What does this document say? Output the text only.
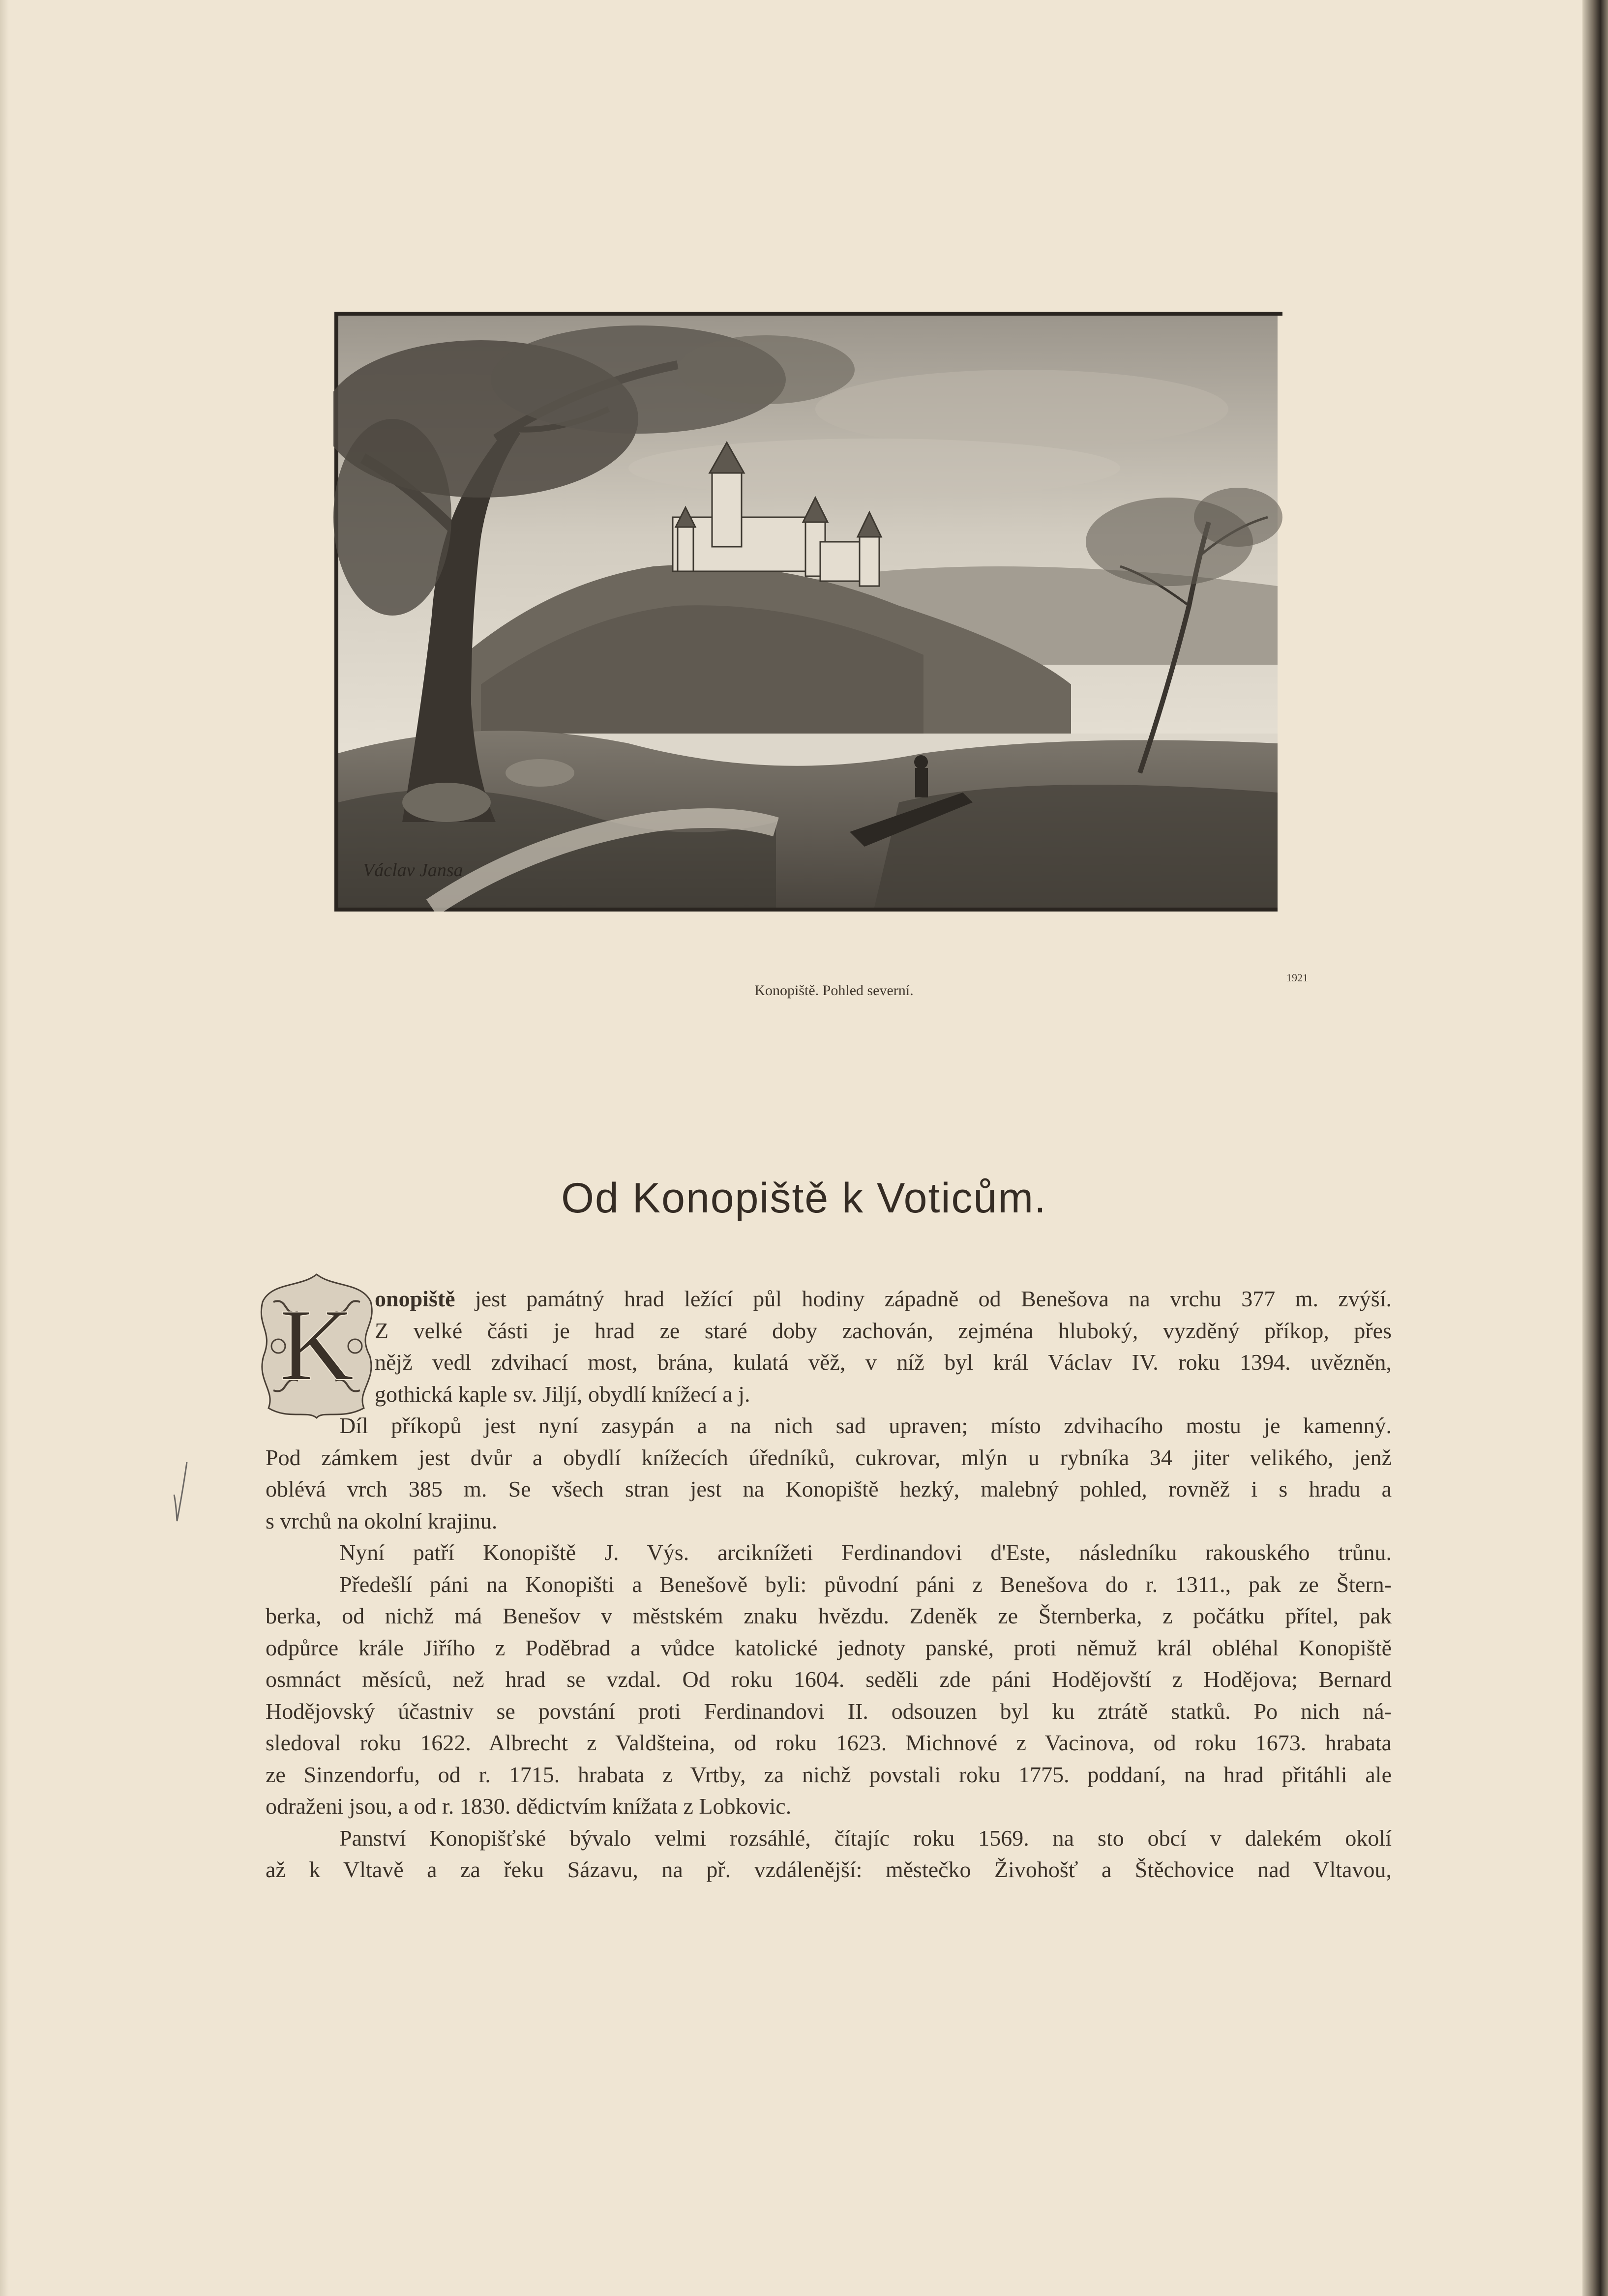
Václav Jansa
Konopiště. Pohled severní.
1921
Od Konopiště k Voticům.
K onopiště jest památný hrad ležící půl hodiny západně od Benešova na vrchu 377 m. zvýší.
Z velké části je hrad ze staré doby zachován, zejména hluboký, vyzděný příkop, přes
nějž vedl zdvihací most, brána, kulatá věž, v níž byl král Václav IV. roku 1394. uvězněn,
gothická kaple sv. Jiljí, obydlí knížecí a j.
Díl příkopů jest nyní zasypán a na nich sad upraven; místo zdvihacího mostu je kamenný.
Pod zámkem jest dvůr a obydlí knížecích úředníků, cukrovar, mlýn u rybníka 34 jiter velikého, jenž
oblévá vrch 385 m. Se všech stran jest na Konopiště hezký, malebný pohled, rovněž i s hradu a
s vrchů na okolní krajinu.
Nyní patří Konopiště J. Výs. arciknížeti Ferdinandovi d'Este, následníku rakouského trůnu.
Předešlí páni na Konopišti a Benešově byli: původní páni z Benešova do r. 1311., pak ze Štern-
berka, od nichž má Benešov v městském znaku hvězdu. Zdeněk ze Šternberka, z počátku přítel, pak
odpůrce krále Jiřího z Poděbrad a vůdce katolické jednoty panské, proti němuž král obléhal Konopiště
osmnáct měsíců, než hrad se vzdal. Od roku 1604. seděli zde páni Hodějovští z Hodějova; Bernard
Hodějovský účastniv se povstání proti Ferdinandovi II. odsouzen byl ku ztrátě statků. Po nich ná-
sledoval roku 1622. Albrecht z Valdšteina, od roku 1623. Michnové z Vacinova, od roku 1673. hrabata
ze Sinzendorfu, od r. 1715. hrabata z Vrtby, za nichž povstali roku 1775. poddaní, na hrad přitáhli ale
odraženi jsou, a od r. 1830. dědictvím knížata z Lobkovic.
Panství Konopišťské bývalo velmi rozsáhlé, čítajíc roku 1569. na sto obcí v dalekém okolí
až k Vltavě a za řeku Sázavu, na př. vzdálenější: městečko Živohošť a Štěchovice nad Vltavou,
